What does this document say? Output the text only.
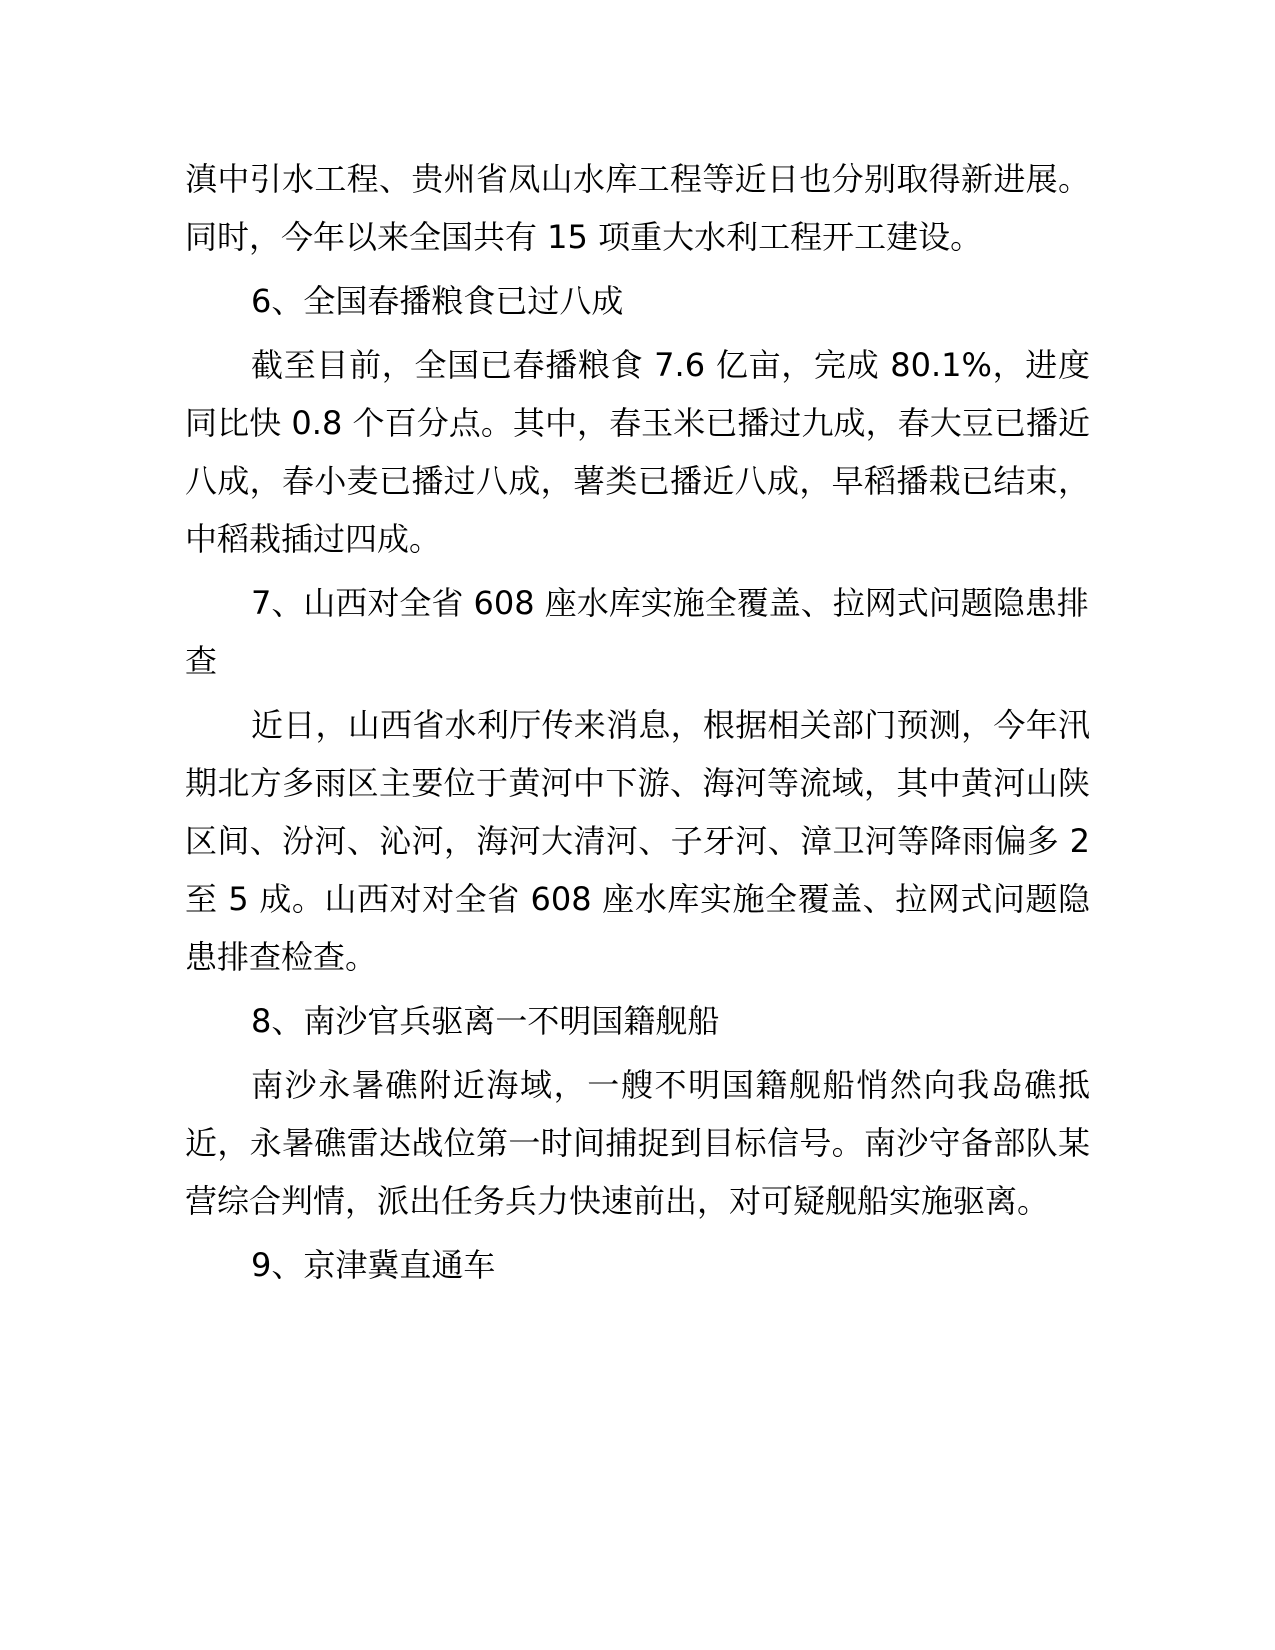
滇中引水工程、贵州省凤山水库工程等近日也分别取得新进展。同时，今年以来全国共有 15 项重大水利工程开工建设。

6、全国春播粮食已过八成

截至目前，全国已春播粮食 7.6 亿亩，完成 80.1%，进度同比快 0.8 个百分点。其中，春玉米已播过九成，春大豆已播近八成，春小麦已播过八成，薯类已播近八成，早稻播栽已结束，中稻栽插过四成。

7、山西对全省 608 座水库实施全覆盖、拉网式问题隐患排查

近日，山西省水利厅传来消息，根据相关部门预测，今年汛期北方多雨区主要位于黄河中下游、海河等流域，其中黄河山陕区间、汾河、沁河，海河大清河、子牙河、漳卫河等降雨偏多 2 至 5 成。山西对对全省 608 座水库实施全覆盖、拉网式问题隐患排查检查。

8、南沙官兵驱离一不明国籍舰船

南沙永暑礁附近海域，一艘不明国籍舰船悄然向我岛礁抵近，永暑礁雷达战位第一时间捕捉到目标信号。南沙守备部队某营综合判情，派出任务兵力快速前出，对可疑舰船实施驱离。

9、京津冀直通车
